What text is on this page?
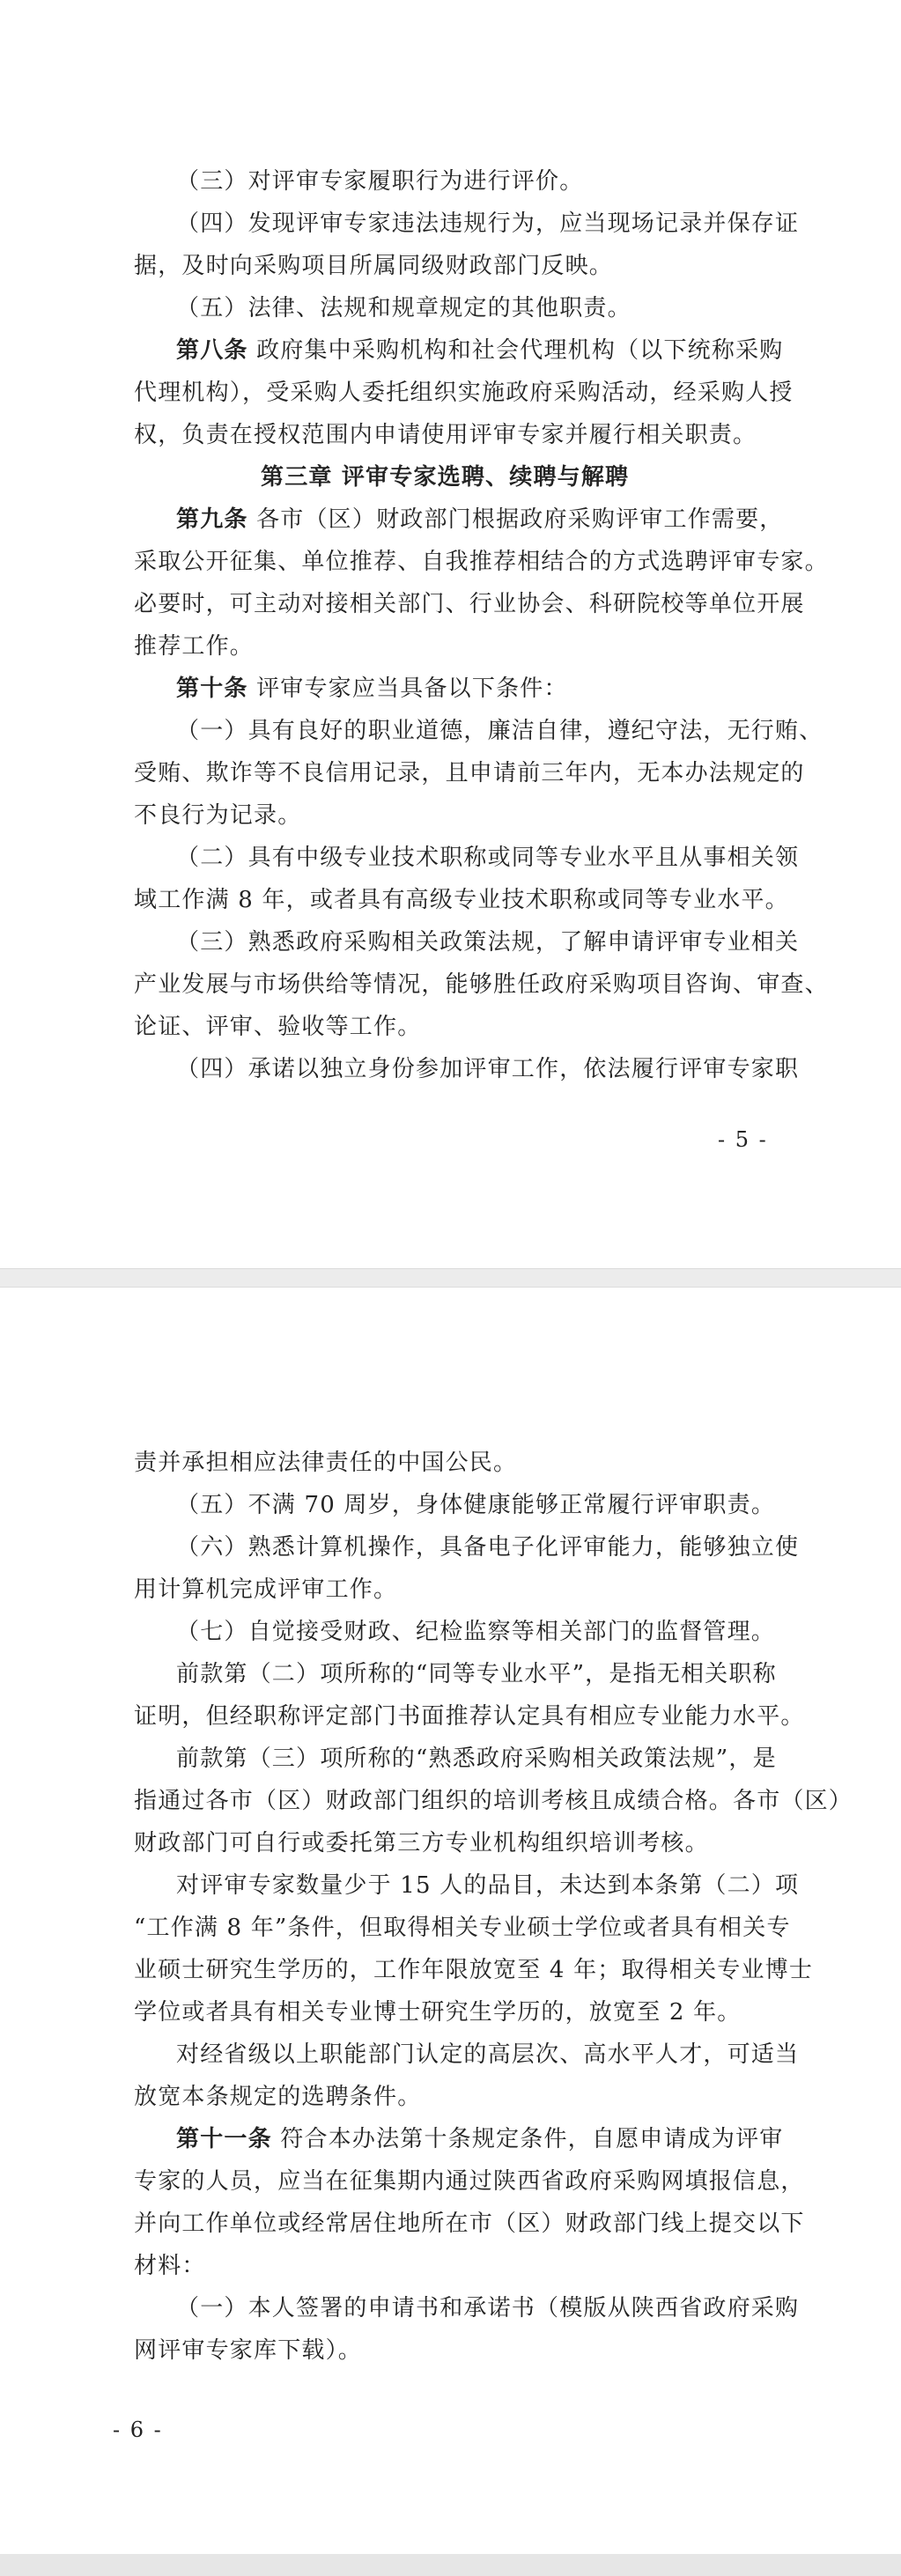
（三）对评审专家履职行为进行评价。
（四）发现评审专家违法违规行为，应当现场记录并保存证
据，及时向采购项目所属同级财政部门反映。
（五）法律、法规和规章规定的其他职责。
第八条 政府集中采购机构和社会代理机构（以下统称采购
代理机构），受采购人委托组织实施政府采购活动，经采购人授
权，负责在授权范围内申请使用评审专家并履行相关职责。
第三章 评审专家选聘、续聘与解聘
第九条 各市（区）财政部门根据政府采购评审工作需要，
采取公开征集、单位推荐、自我推荐相结合的方式选聘评审专家。
必要时，可主动对接相关部门、行业协会、科研院校等单位开展
推荐工作。
第十条 评审专家应当具备以下条件：
（一）具有良好的职业道德，廉洁自律，遵纪守法，无行贿、
受贿、欺诈等不良信用记录，且申请前三年内，无本办法规定的
不良行为记录。
（二）具有中级专业技术职称或同等专业水平且从事相关领
域工作满 8 年，或者具有高级专业技术职称或同等专业水平。
（三）熟悉政府采购相关政策法规，了解申请评审专业相关
产业发展与市场供给等情况，能够胜任政府采购项目咨询、审查、
论证、评审、验收等工作。
（四）承诺以独立身份参加评审工作，依法履行评审专家职
- 5 -
责并承担相应法律责任的中国公民。
（五）不满 70 周岁，身体健康能够正常履行评审职责。
（六）熟悉计算机操作，具备电子化评审能力，能够独立使
用计算机完成评审工作。
（七）自觉接受财政、纪检监察等相关部门的监督管理。
前款第（二）项所称的“同等专业水平”，是指无相关职称
证明，但经职称评定部门书面推荐认定具有相应专业能力水平。
前款第（三）项所称的“熟悉政府采购相关政策法规”，是
指通过各市（区）财政部门组织的培训考核且成绩合格。各市（区）
财政部门可自行或委托第三方专业机构组织培训考核。
对评审专家数量少于 15 人的品目，未达到本条第（二）项
“工作满 8 年”条件，但取得相关专业硕士学位或者具有相关专
业硕士研究生学历的，工作年限放宽至 4 年；取得相关专业博士
学位或者具有相关专业博士研究生学历的，放宽至 2 年。
对经省级以上职能部门认定的高层次、高水平人才，可适当
放宽本条规定的选聘条件。
第十一条 符合本办法第十条规定条件，自愿申请成为评审
专家的人员，应当在征集期内通过陕西省政府采购网填报信息，
并向工作单位或经常居住地所在市（区）财政部门线上提交以下
材料：
（一）本人签署的申请书和承诺书（模版从陕西省政府采购
网评审专家库下载）。
- 6 -
